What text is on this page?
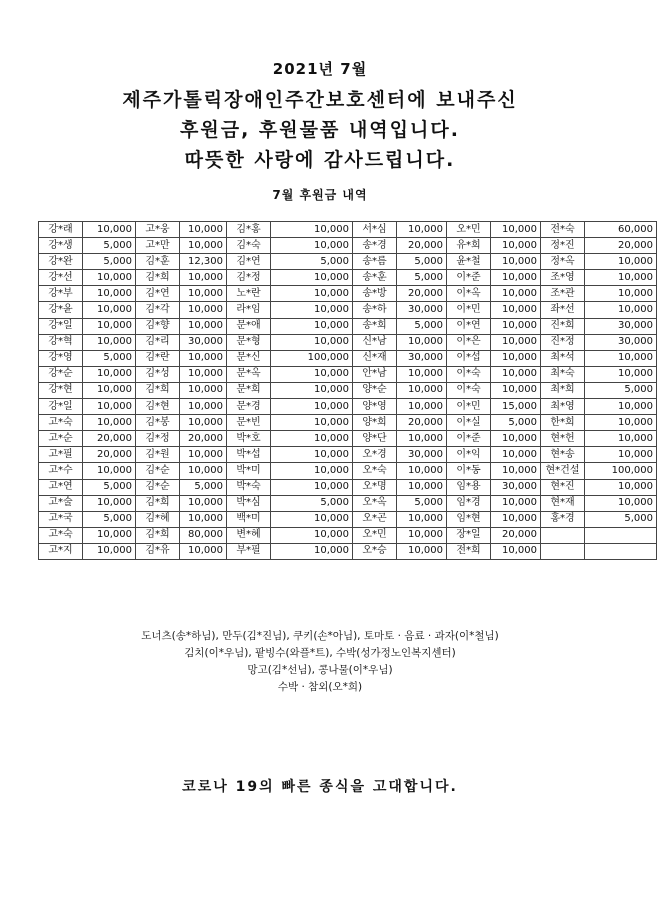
2021년 7월
제주가톨릭장애인주간보호센터에 보내주신
후원금, 후원물품 내역입니다.
따뜻한 사랑에 감사드립니다.
7월 후원금 내역
강*래	10,000	고*웅	10,000	김*홍	10,000	서*심	10,000	오*민	10,000	전*숙	60,000
강*생	5,000	고*만	10,000	김*숙	10,000	송*경	20,000	유*희	10,000	정*진	20,000
강*완	5,000	김*훈	12,300	김*연	5,000	송*름	5,000	윤*철	10,000	정*옥	10,000
강*선	10,000	김*희	10,000	김*정	10,000	송*훈	5,000	이*준	10,000	조*영	10,000
강*부	10,000	김*연	10,000	노*란	10,000	송*방	20,000	이*옥	10,000	조*관	10,000
강*윤	10,000	김*각	10,000	라*임	10,000	송*하	30,000	이*민	10,000	좌*선	10,000
강*일	10,000	김*향	10,000	문*애	10,000	송*희	5,000	이*연	10,000	진*희	30,000
강*혁	10,000	김*리	30,000	문*형	10,000	신*남	10,000	이*은	10,000	진*정	30,000
강*영	5,000	김*란	10,000	문*신	100,000	신*재	30,000	이*섭	10,000	최*석	10,000
강*순	10,000	김*성	10,000	문*옥	10,000	안*남	10,000	이*숙	10,000	최*숙	10,000
강*현	10,000	김*희	10,000	문*희	10,000	양*순	10,000	이*숙	10,000	최*희	5,000
강*일	10,000	김*현	10,000	문*경	10,000	양*영	10,000	이*민	15,000	최*영	10,000
고*숙	10,000	김*봉	10,000	문*빈	10,000	양*희	20,000	이*실	5,000	한*희	10,000
고*순	20,000	김*정	20,000	박*호	10,000	양*단	10,000	이*준	10,000	현*헌	10,000
고*필	20,000	김*원	10,000	박*섭	10,000	오*경	30,000	이*익	10,000	현*송	10,000
고*수	10,000	김*순	10,000	박*미	10,000	오*숙	10,000	이*동	10,000	현*건설	100,000
고*연	5,000	김*순	5,000	박*숙	10,000	오*명	10,000	임*용	30,000	현*진	10,000
고*술	10,000	김*희	10,000	박*심	5,000	오*옥	5,000	임*경	10,000	현*재	10,000
고*국	5,000	김*혜	10,000	백*미	10,000	오*곤	10,000	임*현	10,000	홍*경	5,000
고*숙	10,000	김*희	80,000	변*혜	10,000	오*민	10,000	장*일	20,000		
고*지	10,000	김*유	10,000	부*필	10,000	오*승	10,000	전*희	10,000		
도너츠(송*하님), 만두(김*진님), 쿠키(손*아님), 토마토 · 음료 · 과자(이*철님)
김치(이*우님), 팥빙수(와플*트), 수박(성가정노인복지센터)
망고(김*선님), 콩나물(이*우님)
수박 · 참외(오*희)
코로나 19의 빠른 종식을 고대합니다.
